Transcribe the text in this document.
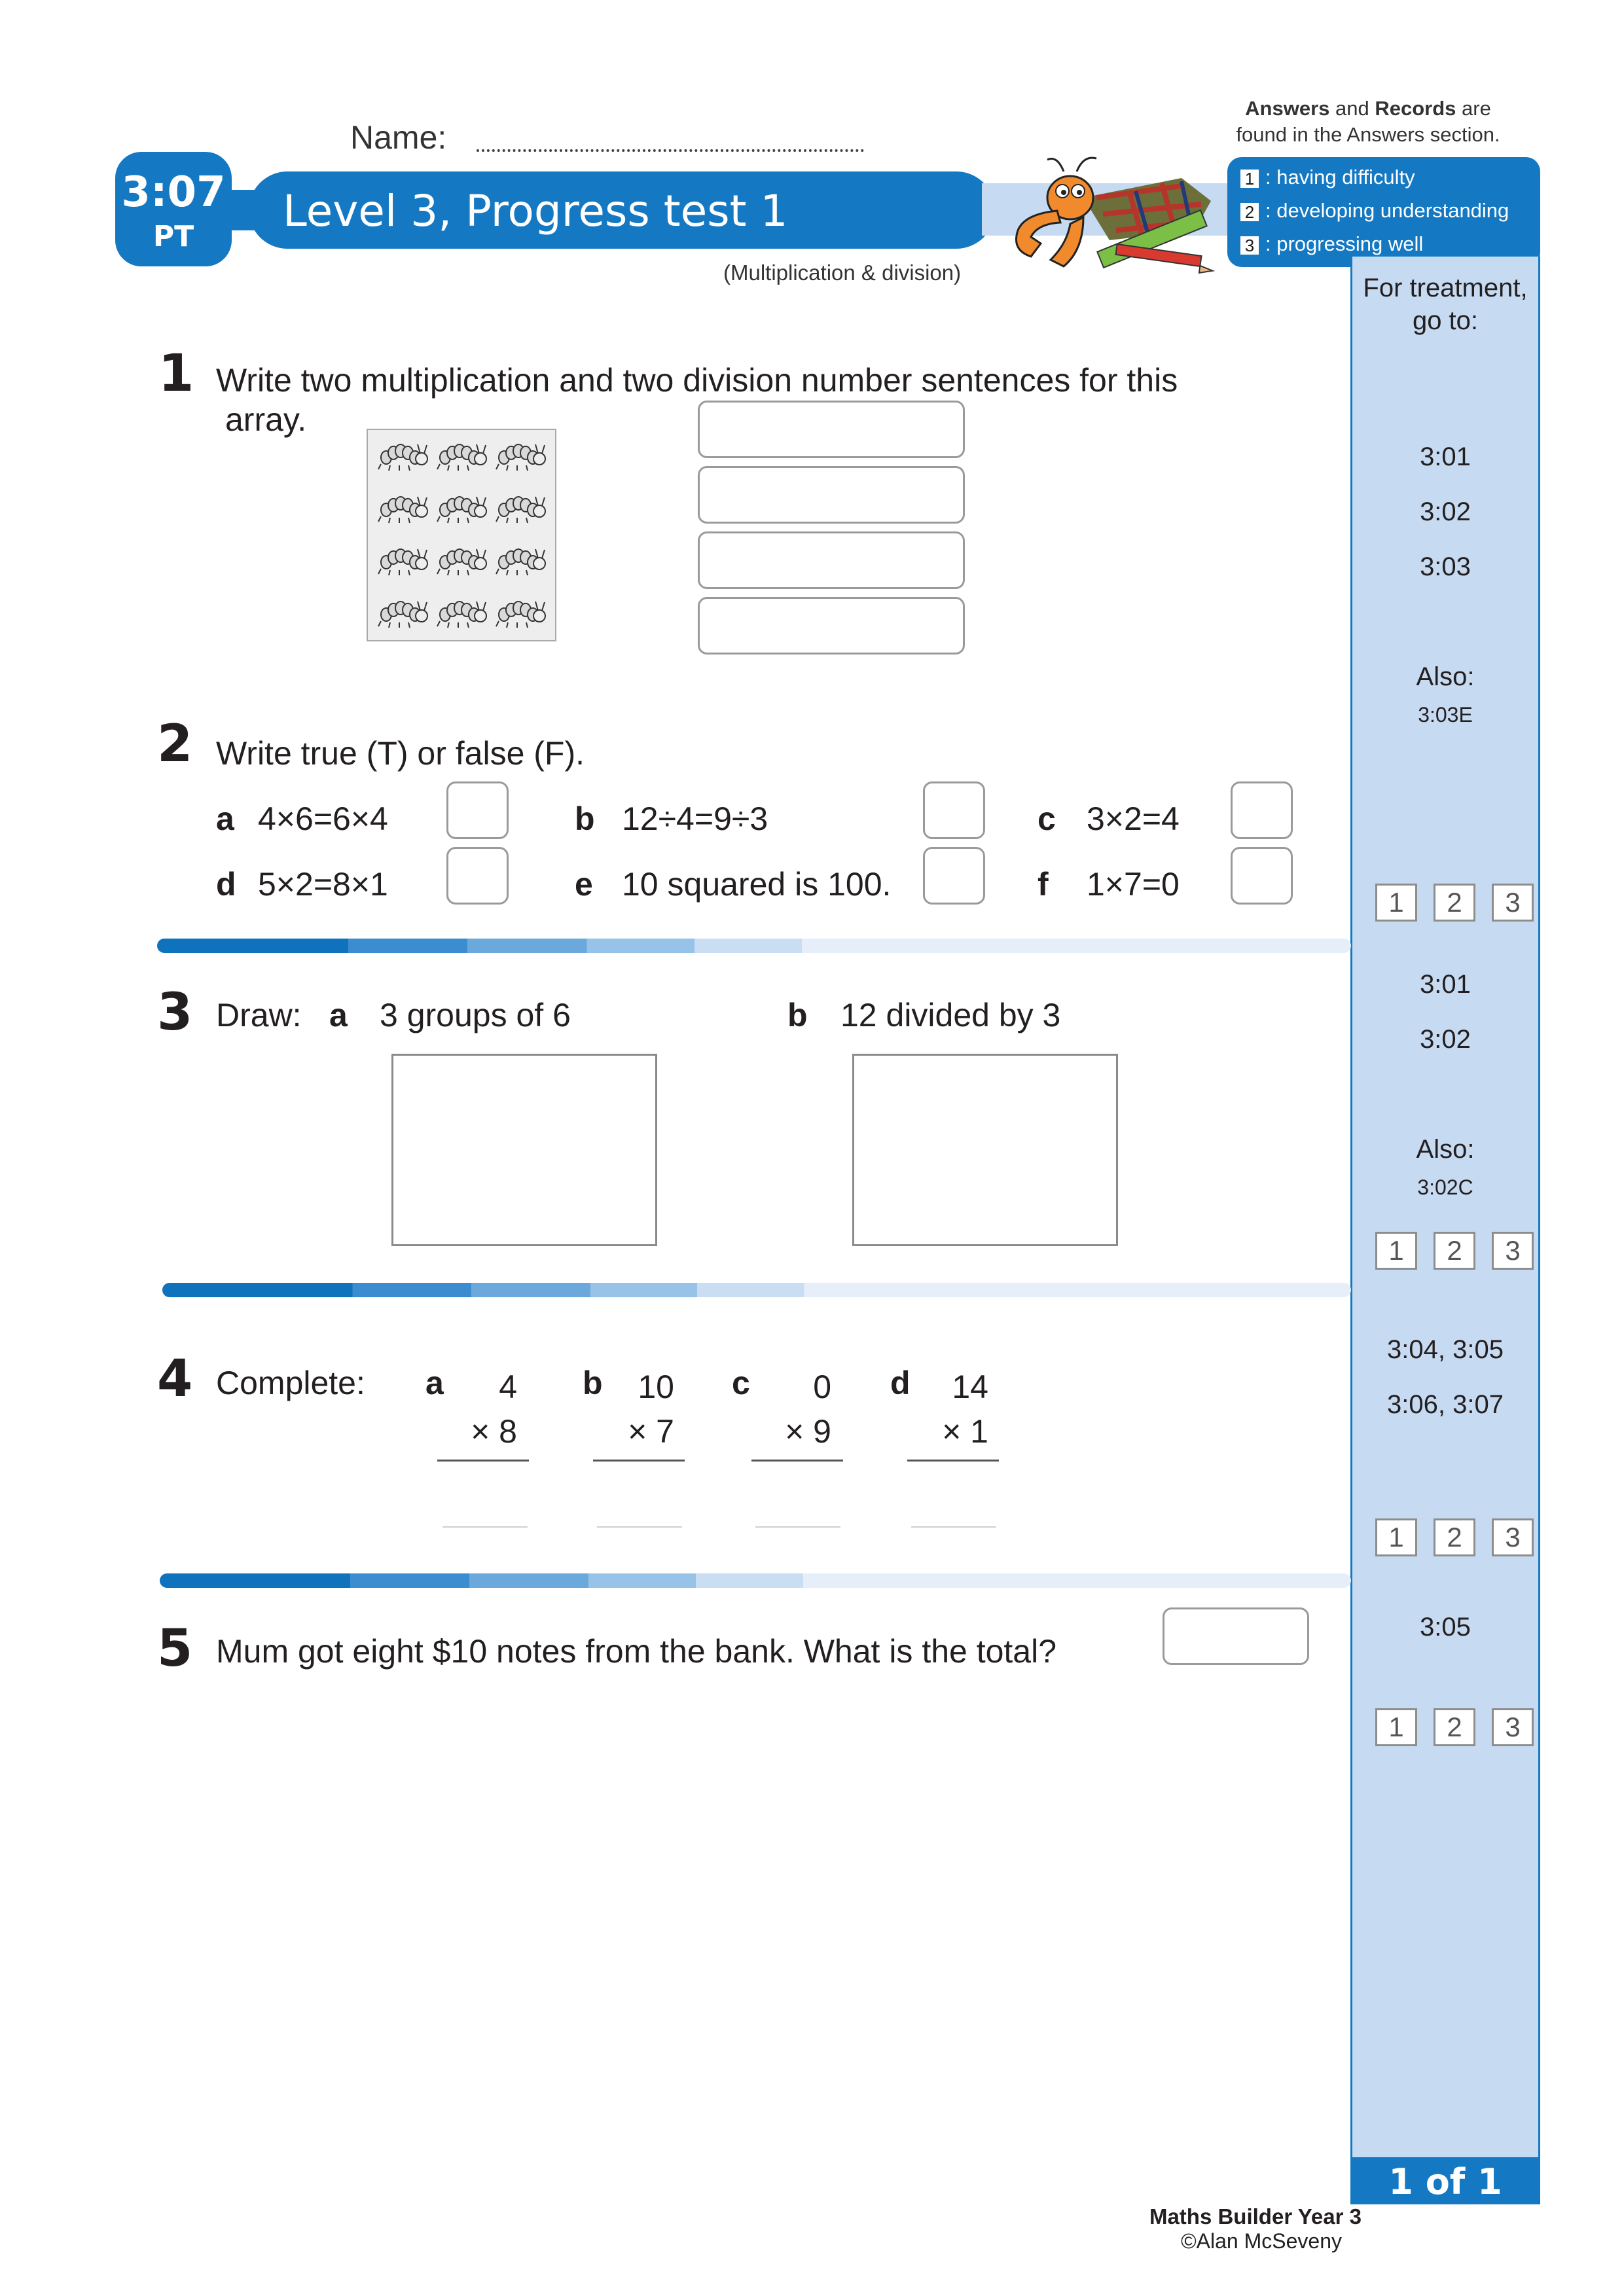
Name:
Answers and Records are
found in the Answers section.
3:07
PT
Level 3, Progress test 1
(Multiplication & division)
1 : having difficulty
2 : developing understanding
3 : progressing well
For treatment,
go to:
3:01
3:02
3:03
Also:
3:03E
1	2	3
3:01
3:02
Also:
3:02C
1	2	3
3:04, 3:05
3:06, 3:07
1	2	3
3:05
1	2	3
1 of 1
1 Write two multiplication and two division number sentences for this
array.
2 Write true (T) or false (F).
a 4×6=6×4	b 12÷4=9÷3	c 3×2=4
d 5×2=8×1	e 10 squared is 100.	f 1×7=0
3 Draw: a 3 groups of 6	b 12 divided by 3
4 Complete: a	4
× 8
b	10
× 7
c	0
× 9
d	14
× 1
5 Mum got eight $10 notes from the bank. What is the total?
Maths Builder Year 3
©Alan McSeveny
